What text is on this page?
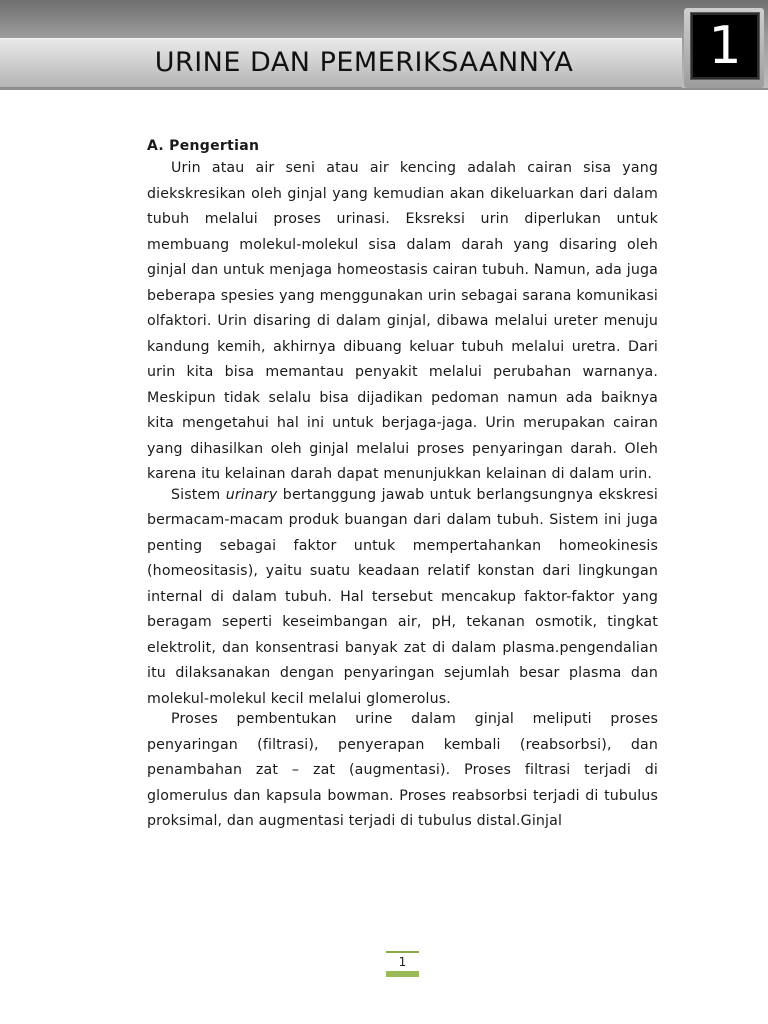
URINE DAN PEMERIKSAANNYA	1

A. Pengertian

Urin atau air seni atau air kencing adalah cairan sisa yang diekskresikan oleh ginjal yang kemudian akan dikeluarkan dari dalam tubuh melalui proses urinasi. Eksreksi urin diperlukan untuk membuang molekul-molekul sisa dalam darah yang disaring oleh ginjal dan untuk menjaga homeostasis cairan tubuh. Namun, ada juga beberapa spesies yang menggunakan urin sebagai sarana komunikasi olfaktori. Urin disaring di dalam ginjal, dibawa melalui ureter menuju kandung kemih, akhirnya dibuang keluar tubuh melalui uretra. Dari urin kita bisa memantau penyakit melalui perubahan warnanya. Meskipun tidak selalu bisa dijadikan pedoman namun ada baiknya kita mengetahui hal ini untuk berjaga-jaga. Urin merupakan cairan yang dihasilkan oleh ginjal melalui proses penyaringan darah. Oleh karena itu kelainan darah dapat menunjukkan kelainan di dalam urin.

Sistem urinary bertanggung jawab untuk berlangsungnya ekskresi bermacam-macam produk buangan dari dalam tubuh. Sistem ini juga penting sebagai faktor untuk mempertahankan homeokinesis (homeositasis), yaitu suatu keadaan relatif konstan dari lingkungan internal di dalam tubuh. Hal tersebut mencakup faktor-faktor yang beragam seperti keseimbangan air, pH, tekanan osmotik, tingkat elektrolit, dan konsentrasi banyak zat di dalam plasma.pengendalian itu dilaksanakan dengan penyaringan sejumlah besar plasma dan molekul-molekul kecil melalui glomerolus.

Proses pembentukan urine dalam ginjal meliputi proses penyaringan (filtrasi), penyerapan kembali (reabsorbsi), dan penambahan zat – zat (augmentasi). Proses filtrasi terjadi di glomerulus dan kapsula bowman. Proses reabsorbsi terjadi di tubulus proksimal, dan augmentasi terjadi di tubulus distal.Ginjal

1
